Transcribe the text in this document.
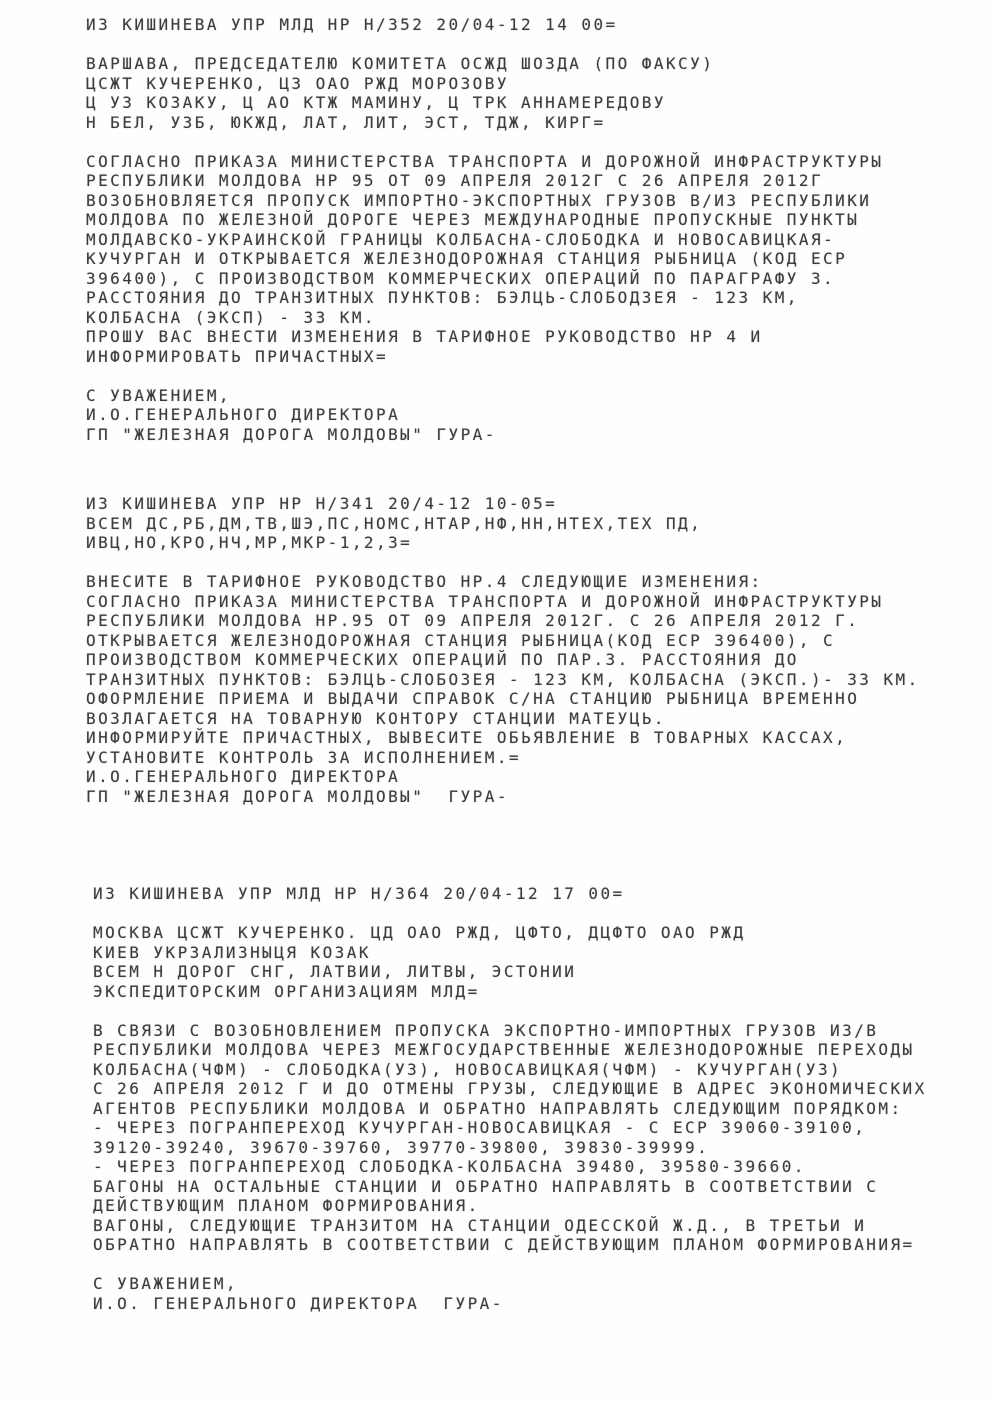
ИЗ КИШИНЕВА УПР МЛД НР Н/352 20/04-12 14 00=
ВАРШАВА, ПРЕДСЕДАТЕЛЮ КОМИТЕТА ОСЖД ШОЗДА (ПО ФАКСУ)
ЦСЖТ КУЧЕРЕНКО, ЦЗ ОАО РЖД МОРОЗОВУ
Ц УЗ КОЗАКУ, Ц АО КТЖ МАМИНУ, Ц ТРК АННАМЕРЕДОВУ
Н БЕЛ, УЗБ, ЮКЖД, ЛАТ, ЛИТ, ЭСТ, ТДЖ, КИРГ=
СОГЛАСНО ПРИКАЗА МИНИСТЕРСТВА ТРАНСПОРТА И ДОРОЖНОЙ ИНФРАСТРУКТУРЫ
РЕСПУБЛИКИ МОЛДОВА НР 95 ОТ 09 АПРЕЛЯ 2012Г С 26 АПРЕЛЯ 2012Г
ВОЗОБНОВЛЯЕТСЯ ПРОПУСК ИМПОРТНО-ЭКСПОРТНЫХ ГРУЗОВ В/ИЗ РЕСПУБЛИКИ
МОЛДОВА ПО ЖЕЛЕЗНОЙ ДОРОГЕ ЧЕРЕЗ МЕЖДУНАРОДНЫЕ ПРОПУСКНЫЕ ПУНКТЫ
МОЛДАВСКО-УКРАИНСКОЙ ГРАНИЦЫ КОЛБАСНА-СЛОБОДКА И НОВОСАВИЦКАЯ-
КУЧУРГАН И ОТКРЫВАЕТСЯ ЖЕЛЕЗНОДОРОЖНАЯ СТАНЦИЯ РЫБНИЦА (КОД ЕСР
396400), С ПРОИЗВОДСТВОМ КОММЕРЧЕСКИХ ОПЕРАЦИЙ ПО ПАРАГРАФУ 3.
РАССТОЯНИЯ ДО ТРАНЗИТНЫХ ПУНКТОВ: БЭЛЦЬ-СЛОБОДЗЕЯ - 123 КМ,
КОЛБАСНА (ЭКСП) - 33 КМ.
ПРОШУ ВАС ВНЕСТИ ИЗМЕНЕНИЯ В ТАРИФНОЕ РУКОВОДСТВО НР 4 И
ИНФОРМИРОВАТЬ ПРИЧАСТНЫХ=
С УВАЖЕНИЕМ,
И.О.ГЕНЕРАЛЬНОГО ДИРЕКТОРА
ГП "ЖЕЛЕЗНАЯ ДОРОГА МОЛДОВЫ" ГУРА-
ИЗ КИШИНЕВА УПР НР Н/341 20/4-12 10-05=
ВСЕМ ДС,РБ,ДМ,ТВ,ШЭ,ПС,НОМС,НТАР,НФ,НН,НТЕХ,ТЕХ ПД,
ИВЦ,НО,КРО,НЧ,МР,МКР-1,2,3=
ВНЕСИТЕ В ТАРИФНОЕ РУКОВОДСТВО НР.4 СЛЕДУЮЩИЕ ИЗМЕНЕНИЯ:
СОГЛАСНО ПРИКАЗА МИНИСТЕРСТВА ТРАНСПОРТА И ДОРОЖНОЙ ИНФРАСТРУКТУРЫ
РЕСПУБЛИКИ МОЛДОВА НР.95 ОТ 09 АПРЕЛЯ 2012Г. С 26 АПРЕЛЯ 2012 Г.
ОТКРЫВАЕТСЯ ЖЕЛЕЗНОДОРОЖНАЯ СТАНЦИЯ РЫБНИЦА(КОД ЕСР 396400), С
ПРОИЗВОДСТВОМ КОММЕРЧЕСКИХ ОПЕРАЦИЙ ПО ПАР.3. РАССТОЯНИЯ ДО
ТРАНЗИТНЫХ ПУНКТОВ: БЭЛЦЬ-СЛОБОЗЕЯ - 123 КМ, КОЛБАСНА (ЭКСП.)- 33 КМ.
ОФОРМЛЕНИЕ ПРИЕМА И ВЫДАЧИ СПРАВОК С/НА СТАНЦИЮ РЫБНИЦА ВРЕМЕННО
ВОЗЛАГАЕТСЯ НА ТОВАРНУЮ КОНТОРУ СТАНЦИИ МАТЕУЦЬ.
ИНФОРМИРУЙТЕ ПРИЧАСТНЫХ, ВЫВЕСИТЕ ОБЬЯВЛЕНИЕ В ТОВАРНЫХ КАССАХ,
УСТАНОВИТЕ КОНТРОЛЬ ЗА ИСПОЛНЕНИЕМ.=
И.О.ГЕНЕРАЛЬНОГО ДИРЕКТОРА
ГП "ЖЕЛЕЗНАЯ ДОРОГА МОЛДОВЫ"  ГУРА-
ИЗ КИШИНЕВА УПР МЛД НР Н/364 20/04-12 17 00=
МОСКВА ЦСЖТ КУЧЕРЕНКО. ЦД ОАО РЖД, ЦФТО, ДЦФТО ОАО РЖД
КИЕВ УКРЗАЛИЗНЫЦЯ КОЗАК
ВСЕМ Н ДОРОГ СНГ, ЛАТВИИ, ЛИТВЫ, ЭСТОНИИ
ЭКСПЕДИТОРСКИМ ОРГАНИЗАЦИЯМ МЛД=
В СВЯЗИ С ВОЗОБНОВЛЕНИЕМ ПРОПУСКА ЭКСПОРТНО-ИМПОРТНЫХ ГРУЗОВ ИЗ/В
РЕСПУБЛИКИ МОЛДОВА ЧЕРЕЗ МЕЖГОСУДАРСТВЕННЫЕ ЖЕЛЕЗНОДОРОЖНЫЕ ПЕРЕХОДЫ
КОЛБАСНА(ЧФМ) - СЛОБОДКА(УЗ), НОВОСАВИЦКАЯ(ЧФМ) - КУЧУРГАН(УЗ)
С 26 АПРЕЛЯ 2012 Г И ДО ОТМЕНЫ ГРУЗЫ, СЛЕДУЮЩИЕ В АДРЕС ЭКОНОМИЧЕСКИХ
АГЕНТОВ РЕСПУБЛИКИ МОЛДОВА И ОБРАТНО НАПРАВЛЯТЬ СЛЕДУЮЩИМ ПОРЯДКОМ:
- ЧЕРЕЗ ПОГРАНПЕРЕХОД КУЧУРГАН-НОВОСАВИЦКАЯ - С ЕСР 39060-39100,
39120-39240, 39670-39760, 39770-39800, 39830-39999.
- ЧЕРЕЗ ПОГРАНПЕРЕХОД СЛОБОДКА-КОЛБАСНА 39480, 39580-39660.
БАГОНЫ НА ОСТАЛЬНЫЕ СТАНЦИИ И ОБРАТНО НАПРАВЛЯТЬ В СООТВЕТСТВИИ С
ДЕЙСТВУЮЩИМ ПЛАНОМ ФОРМИРОВАНИЯ.
ВАГОНЫ, СЛЕДУЮЩИЕ ТРАНЗИТОМ НА СТАНЦИИ ОДЕССКОЙ Ж.Д., В ТРЕТЬИ И
ОБРАТНО НАПРАВЛЯТЬ В СООТВЕТСТВИИ С ДЕЙСТВУЮЩИМ ПЛАНОМ ФОРМИРОВАНИЯ=
С УВАЖЕНИЕМ,
И.О. ГЕНЕРАЛЬНОГО ДИРЕКТОРА  ГУРА-
